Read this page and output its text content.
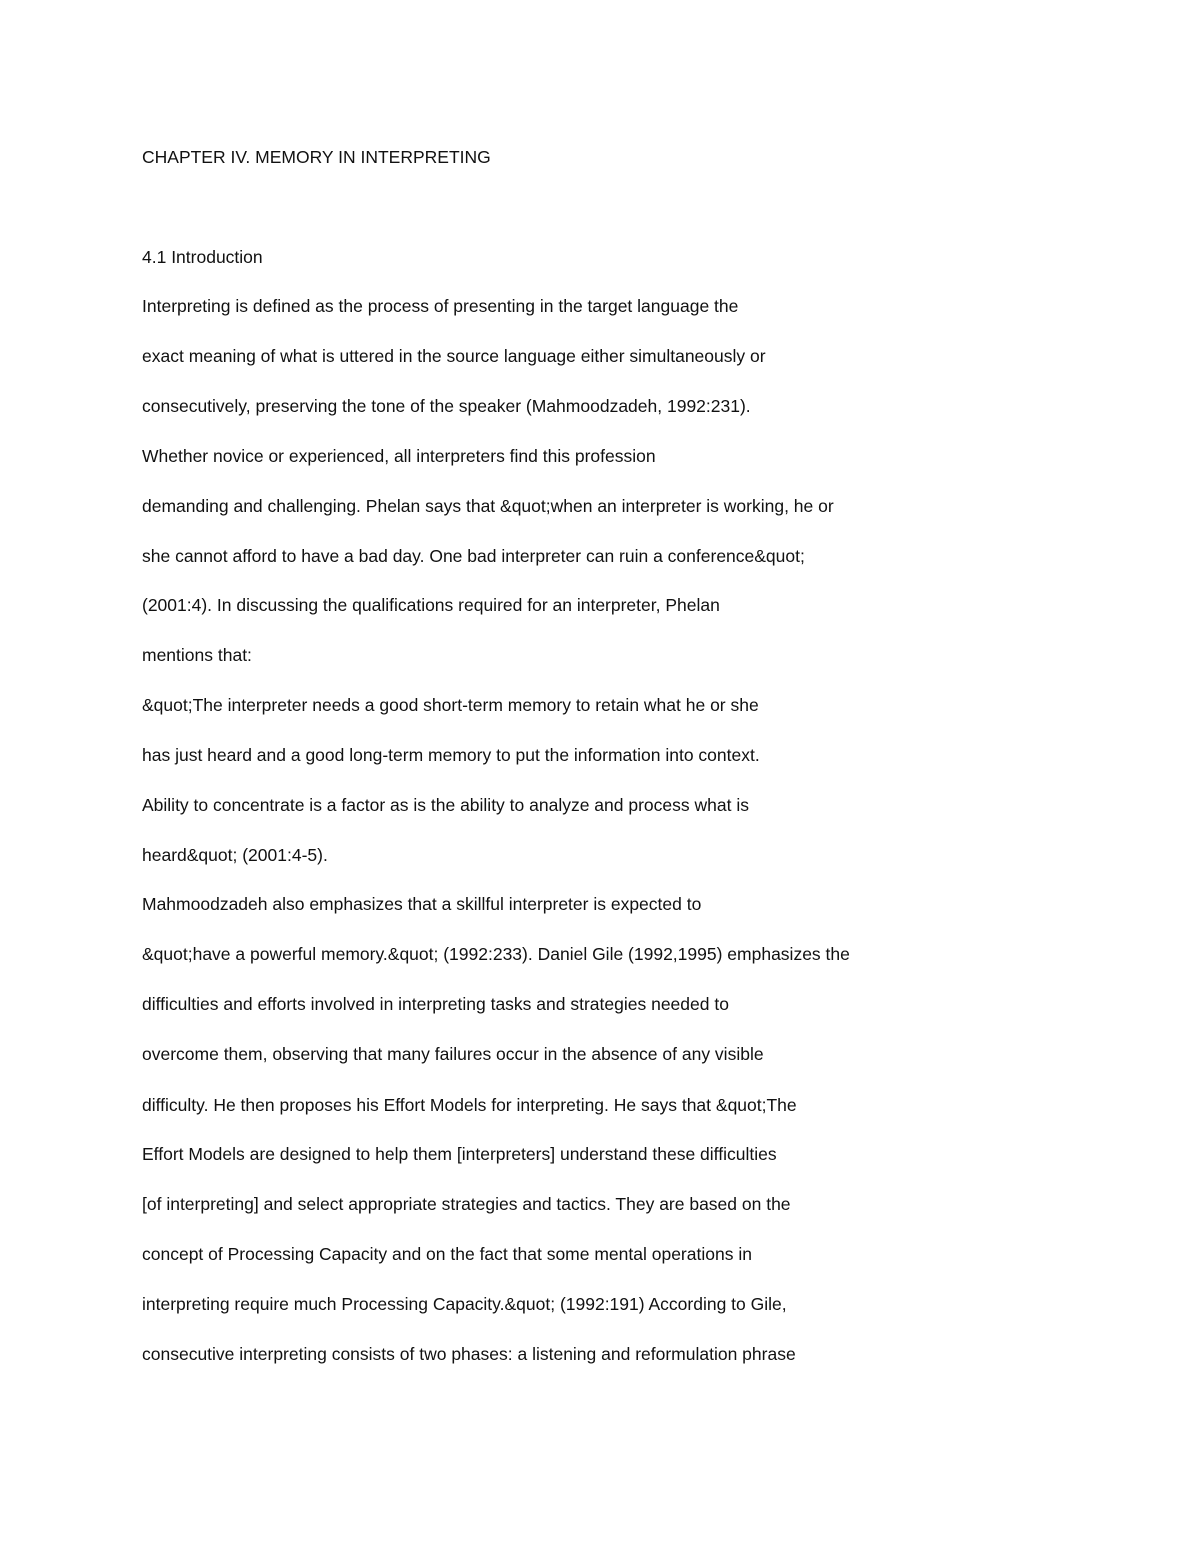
CHAPTER IV. MEMORY IN INTERPRETING

4.1 Introduction

Interpreting is defined as the process of presenting in the target language the

exact meaning of what is uttered in the source language either simultaneously or

consecutively, preserving the tone of the speaker (Mahmoodzadeh, 1992:231).

Whether novice or experienced, all interpreters find this profession

demanding and challenging. Phelan says that &quot;when an interpreter is working, he or

she cannot afford to have a bad day. One bad interpreter can ruin a conference&quot;

(2001:4). In discussing the qualifications required for an interpreter, Phelan

mentions that:

&quot;The interpreter needs a good short-term memory to retain what he or she

has just heard and a good long-term memory to put the information into context.

Ability to concentrate is a factor as is the ability to analyze and process what is

heard&quot; (2001:4-5).

Mahmoodzadeh also emphasizes that a skillful interpreter is expected to

&quot;have a powerful memory.&quot; (1992:233). Daniel Gile (1992,1995) emphasizes the

difficulties and efforts involved in interpreting tasks and strategies needed to

overcome them, observing that many failures occur in the absence of any visible

difficulty. He then proposes his Effort Models for interpreting. He says that &quot;The

Effort Models are designed to help them [interpreters] understand these difficulties

[of interpreting] and select appropriate strategies and tactics. They are based on the

concept of Processing Capacity and on the fact that some mental operations in

interpreting require much Processing Capacity.&quot; (1992:191) According to Gile,

consecutive interpreting consists of two phases: a listening and reformulation phrase
